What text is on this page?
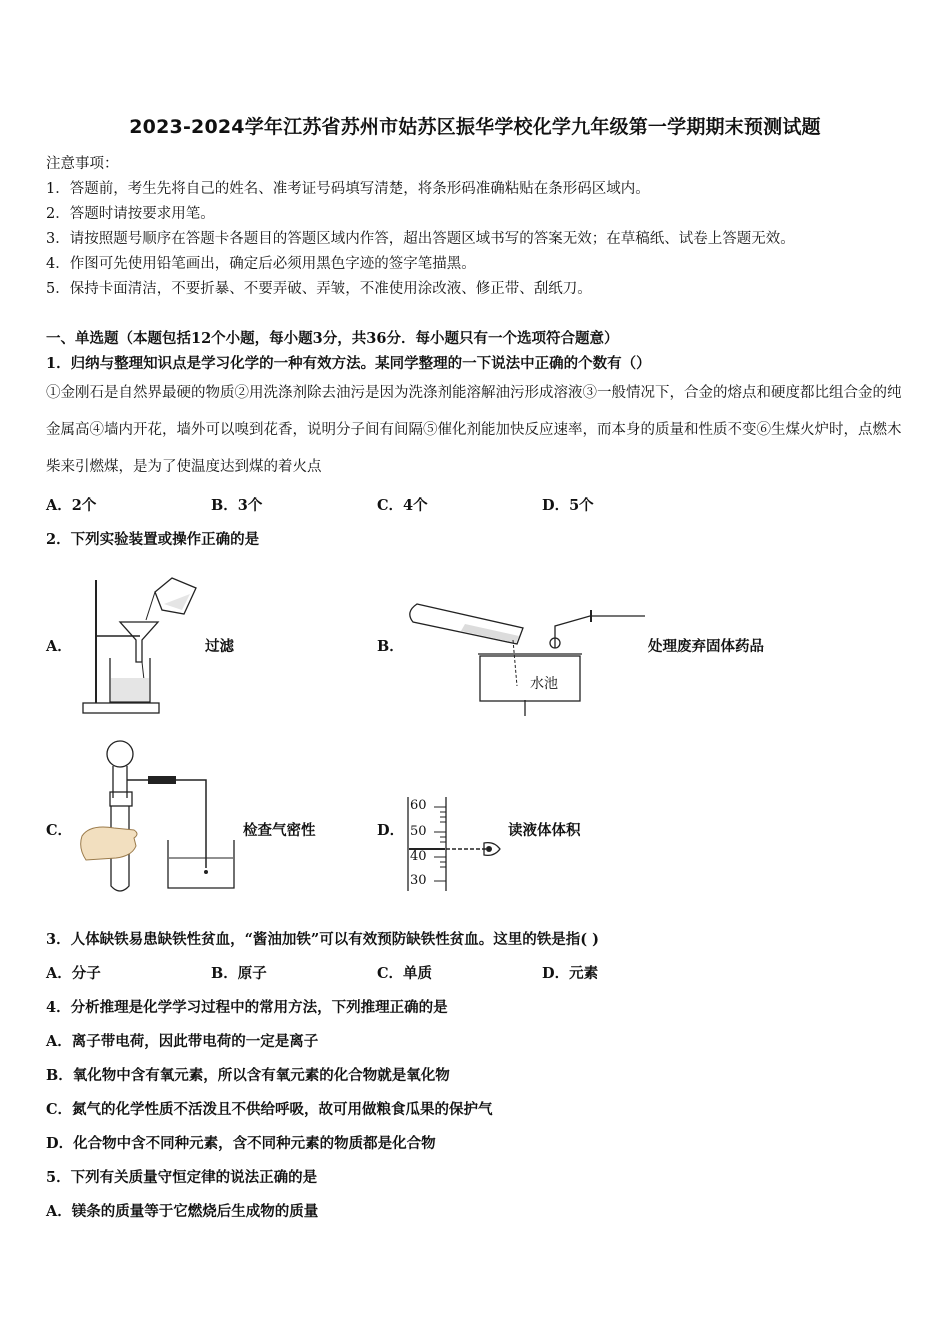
2023-2024学年江苏省苏州市姑苏区振华学校化学九年级第一学期期末预测试题
注意事项：
1．答题前，考生先将自己的姓名、准考证号码填写清楚，将条形码准确粘贴在条形码区域内。
2．答题时请按要求用笔。
3．请按照题号顺序在答题卡各题目的答题区域内作答，超出答题区域书写的答案无效；在草稿纸、试卷上答题无效。
4．作图可先使用铅笔画出，确定后必须用黑色字迹的签字笔描黑。
5．保持卡面清洁，不要折暴、不要弄破、弄皱，不准使用涂改液、修正带、刮纸刀。
一、单选题（本题包括12个小题，每小题3分，共36分．每小题只有一个选项符合题意）
1．归纳与整理知识点是学习化学的一种有效方法。某同学整理的一下说法中正确的个数有（）
①金刚石是自然界最硬的物质②用洗涤剂除去油污是因为洗涤剂能溶解油污形成溶液③一般情况下，合金的熔点和硬度都比组合金的纯金属高④墙内开花，墙外可以嗅到花香，说明分子间有间隔⑤催化剂能加快反应速率，而本身的质量和性质不变⑥生煤火炉时，点燃木柴来引燃煤，是为了使温度达到煤的着火点
A．2个	B．3个	C．4个	D．5个
2．下列实验装置或操作正确的是
A．	过滤	B．
水池
处理废弃固体药品
C．	检查气密性	D．
60
50
40
30
读液体体积
3．人体缺铁易患缺铁性贫血，“酱油加铁”可以有效预防缺铁性贫血。这里的铁是指( )
A．分子	B．原子	C．单质	D．元素
4．分析推理是化学学习过程中的常用方法，下列推理正确的是
A．离子带电荷，因此带电荷的一定是离子
B．氧化物中含有氧元素，所以含有氧元素的化合物就是氧化物
C．氮气的化学性质不活泼且不供给呼吸，故可用做粮食瓜果的保护气
D．化合物中含不同种元素，含不同种元素的物质都是化合物
5．下列有关质量守恒定律的说法正确的是
A．镁条的质量等于它燃烧后生成物的质量
